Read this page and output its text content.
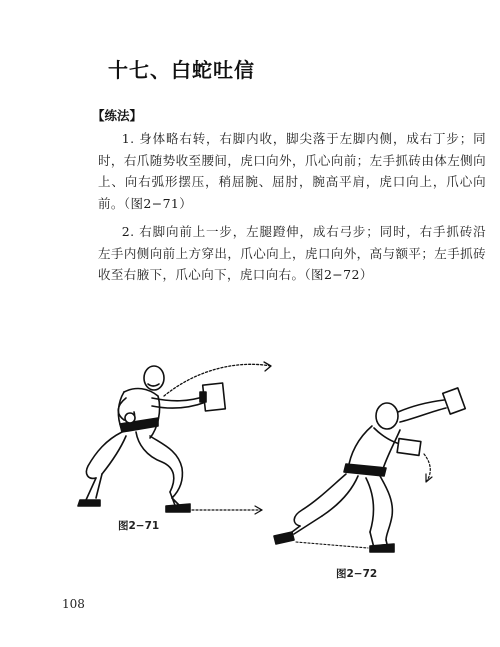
十七、白蛇吐信
【练法】
1. 身体略右转，右脚内收，脚尖落于左脚内侧，成右丁步；同时，右爪随势收至腰间，虎口向外，爪心向前；左手抓砖由体左侧向上、向右弧形摆压，稍屈腕、屈肘，腕高平肩，虎口向上，爪心向前。（图2−71）
2. 右脚向前上一步，左腿蹬伸，成右弓步；同时，右手抓砖沿左手内侧向前上方穿出，爪心向上，虎口向外，高与额平；左手抓砖收至右腋下，爪心向下，虎口向右。（图2−72）
图2−71
图2−72
108
